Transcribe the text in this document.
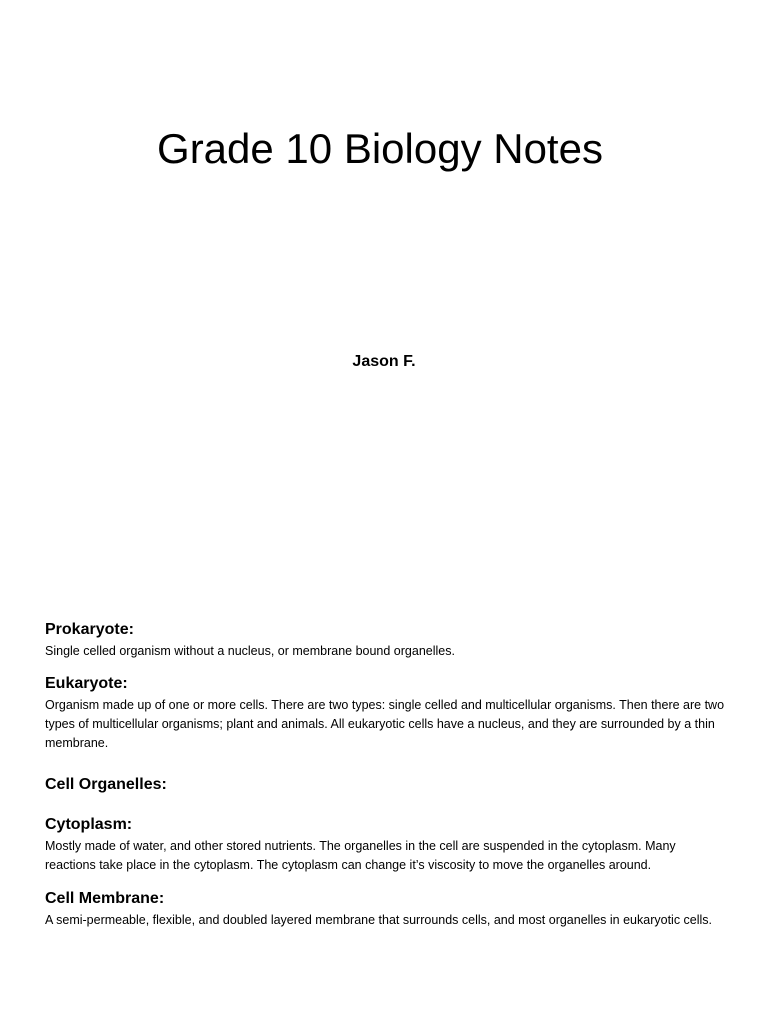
Grade 10 Biology Notes
Jason F.
Prokaryote:

Single celled organism without a nucleus, or membrane bound organelles.

Eukaryote:

Organism made up of one or more cells. There are two types: single celled and multicellular organisms. Then there are two types of multicellular organisms; plant and animals. All eukaryotic cells have a nucleus, and they are surrounded by a thin membrane.

Cell Organelles:
Cytoplasm:

Mostly made of water, and other stored nutrients. The organelles in the cell are suspended in the cytoplasm. Many reactions take place in the cytoplasm. The cytoplasm can change it’s viscosity to move the organelles around.

Cell Membrane:

A semi-permeable, flexible, and doubled layered membrane that surrounds cells, and most organelles in eukaryotic cells.
